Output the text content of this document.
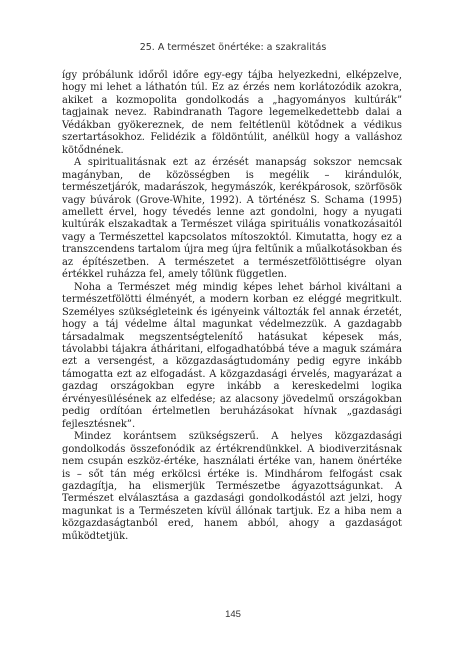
25. A természet önértéke: a szakralitás

így próbálunk időről időre egy-egy tájba helyezkedni, elképzelve, hogy mi lehet a láthatón túl. Ez az érzés nem korlátozódik azokra, akiket a kozmopolita gondolkodás a „hagyományos kultúrák” tagjainak nevez. Rabindranath Tagore legemelkedettebb dalai a Védákban gyökereznek, de nem feltétlenül kötődnek a védikus szertartásokhoz. Felidézik a földöntúlit, anélkül hogy a valláshoz kötődnének.

A spiritualitásnak ezt az érzését manapság sokszor nemcsak magányban, de közösségben is megélik – kirándulók, természetjárók, madarászok, hegymászók, kerékpárosok, szörfösök vagy búvárok (Grove-White, 1992). A történész S. Schama (1995) amellett érvel, hogy tévedés lenne azt gondolni, hogy a nyugati kultúrák elszakadtak a Természet világa spirituális vonatkozásaitól vagy a Természettel kapcsolatos mítoszoktól. Kimutatta, hogy ez a transzcendens tartalom újra meg újra feltűnik a műalkotásokban és az építészetben. A természetet a természetfölöttiségre olyan értékkel ruházza fel, amely tőlünk független.

Noha a Természet még mindig képes lehet bárhol kiváltani a természetfölötti élményét, a modern korban ez eléggé megritkult. Személyes szükségleteink és igényeink változták fel annak érzetét, hogy a táj védelme által magunkat védelmezzük. A gazdagabb társadalmak megszentségtelenítő hatásukat képesek más, távolabbi tájakra átháritani, elfogadhatóbbá téve a maguk számára ezt a versengést, a közgazdaságtudomány pedig egyre inkább támogatta ezt az elfogadást. A közgazdasági érvelés, magyarázat a gazdag országokban egyre inkább a kereskedelmi logika érvényesülésének az elfedése; az alacsony jövedelmű országokban pedig ordítóan értelmetlen beruházásokat hívnak „gazdasági fejlesztésnek”.

Mindez korántsem szükségszerű. A helyes közgazdasági gondolkodás összefonódik az értékrendünkkel. A biodiverzitásnak nem csupán eszköz-értéke, használati értéke van, hanem önértéke is – sőt tán még erkölcsi értéke is. Mindhárom felfogást csak gazdagítja, ha elismerjük Természetbe ágyazottságunkat. A Természet elválasztása a gazdasági gondolkodástól azt jelzi, hogy magunkat is a Természeten kívül állónak tartjuk. Ez a hiba nem a közgazdaságtanból ered, hanem abból, ahogy a gazdaságot működtetjük.

145
